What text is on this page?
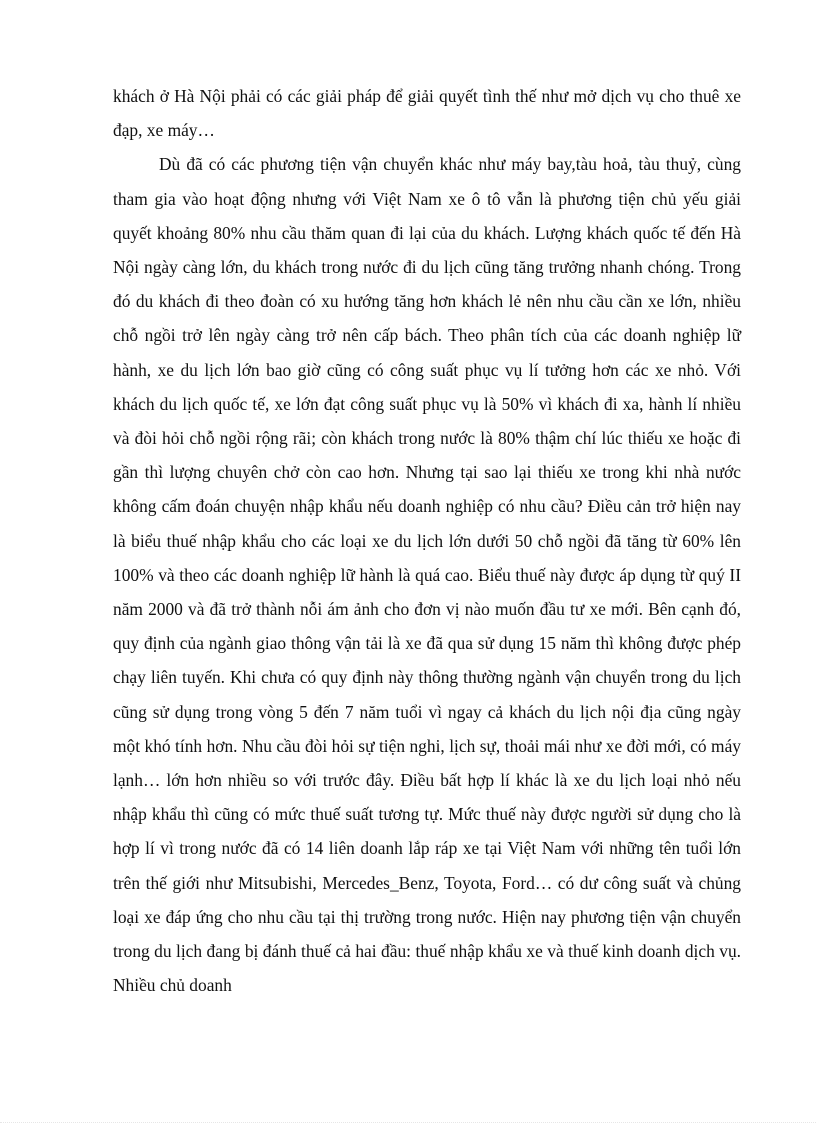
khách ở Hà Nội phải có các giải pháp để giải quyết tình thế như mở dịch vụ cho thuê xe đạp, xe máy…

Dù đã có các phương tiện vận chuyển khác như máy bay,tàu hoả, tàu thuỷ, cùng tham gia vào hoạt động nhưng với Việt Nam xe ô tô vẫn là phương tiện chủ yếu giải quyết khoảng 80% nhu cầu thăm quan đi lại của du khách. Lượng khách quốc tế đến Hà Nội ngày càng lớn, du khách trong nước đi du lịch cũng tăng trưởng nhanh chóng. Trong đó du khách đi theo đoàn có xu hướng tăng hơn khách lẻ nên nhu cầu cần xe lớn, nhiều chỗ ngồi trở lên ngày càng trở nên cấp bách. Theo phân tích của các doanh nghiệp lữ hành, xe du lịch lớn bao giờ cũng có công suất phục vụ lí tưởng hơn các xe nhỏ. Với khách du lịch quốc tế, xe lớn đạt công suất phục vụ là 50% vì khách đi xa, hành lí nhiều và đòi hỏi chỗ ngồi rộng rãi; còn khách trong nước là 80% thậm chí lúc thiếu xe hoặc đi gần thì lượng chuyên chở còn cao hơn. Nhưng tại sao lại thiếu xe trong khi nhà nước không cấm đoán chuyện nhập khẩu nếu doanh nghiệp có nhu cầu? Điều cản trở hiện nay là biểu thuế nhập khẩu cho các loại xe du lịch lớn dưới 50 chỗ ngồi đã tăng từ 60% lên 100% và theo các doanh nghiệp lữ hành là quá cao. Biểu thuế này được áp dụng từ quý II năm 2000 và đã trở thành nỗi ám ảnh cho đơn vị nào muốn đầu tư xe mới. Bên cạnh đó, quy định của ngành giao thông vận tải là xe đã qua sử dụng 15 năm thì không được phép chạy liên tuyến. Khi chưa có quy định này thông thường ngành vận chuyển trong du lịch cũng sử dụng trong vòng 5 đến 7 năm tuổi vì ngay cả khách du lịch nội địa cũng ngày một khó tính hơn. Nhu cầu đòi hỏi sự tiện nghi, lịch sự, thoải mái như xe đời mới, có máy lạnh… lớn hơn nhiều so với trước đây. Điều bất hợp lí khác là xe du lịch loại nhỏ nếu nhập khẩu thì cũng có mức thuế suất tương tự. Mức thuế này được người sử dụng cho là hợp lí vì trong nước đã có 14 liên doanh lắp ráp xe tại Việt Nam với những tên tuổi lớn trên thế giới như Mitsubishi, Mercedes_Benz, Toyota, Ford… có dư công suất và chủng loại xe đáp ứng cho nhu cầu tại thị trường trong nước. Hiện nay phương tiện vận chuyển trong du lịch đang bị đánh thuế cả hai đầu: thuế nhập khẩu xe và thuế kinh doanh dịch vụ. Nhiều chủ doanh
